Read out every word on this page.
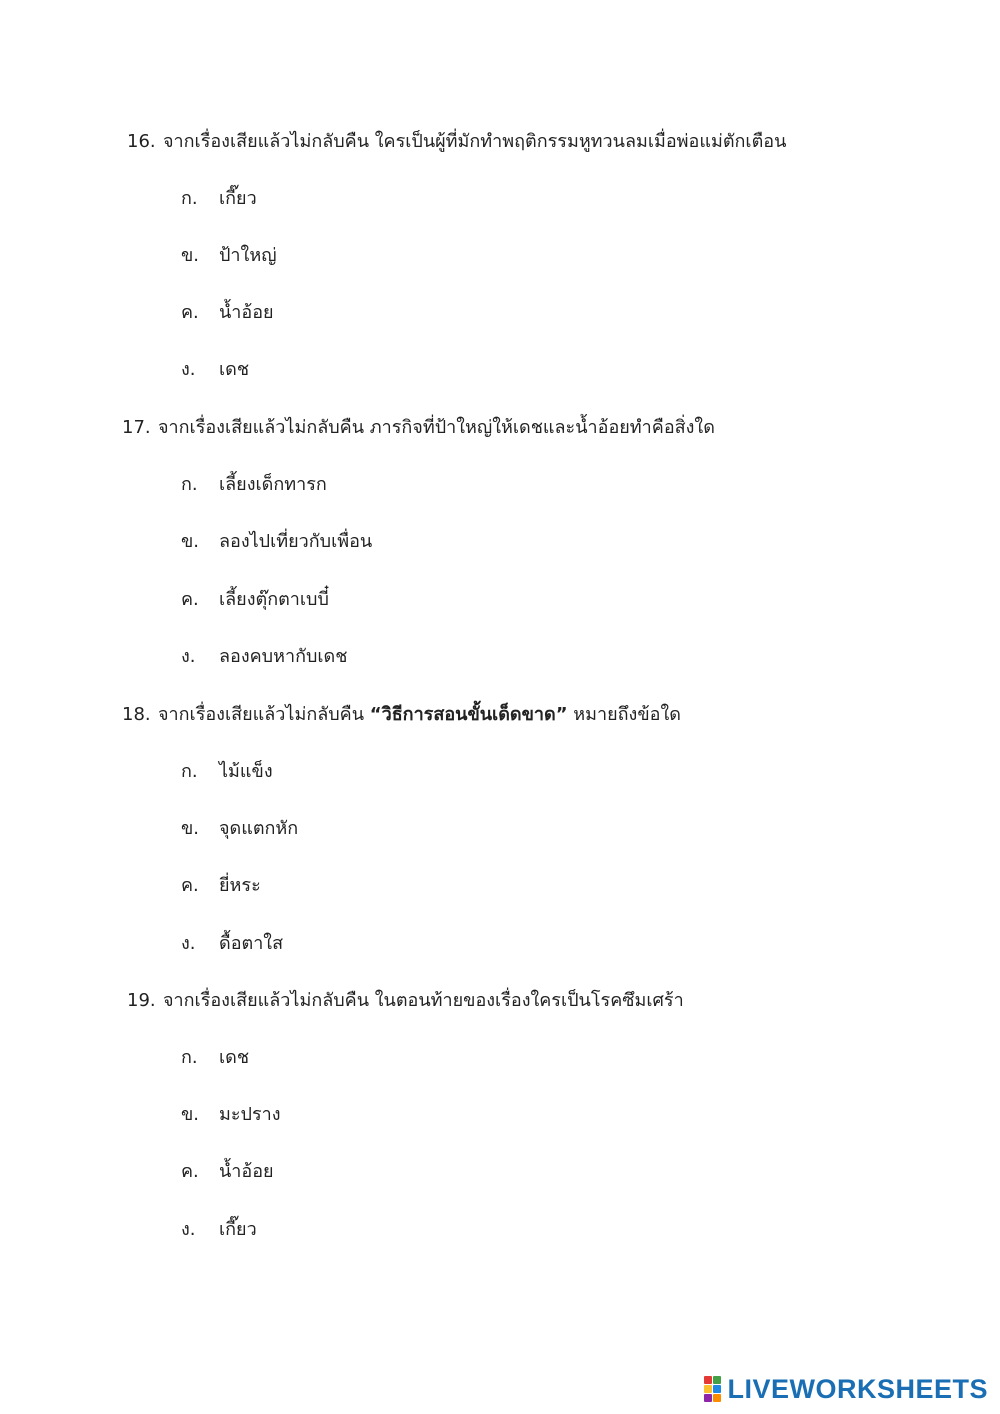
16. จากเรื่องเสียแล้วไม่กลับคืน ใครเป็นผู้ที่มักทำพฤติกรรมหูทวนลมเมื่อพ่อแม่ตักเตือน
ก. เกี๊ยว
ข. ป้าใหญ่
ค. น้ำอ้อย
ง. เดช
17. จากเรื่องเสียแล้วไม่กลับคืน ภารกิจที่ป้าใหญ่ให้เดชและน้ำอ้อยทำคือสิ่งใด
ก. เลี้ยงเด็กทารก
ข. ลองไปเที่ยวกับเพื่อน
ค. เลี้ยงตุ๊กตาเบบี๋
ง. ลองคบหากับเดช
18. จากเรื่องเสียแล้วไม่กลับคืน “วิธีการสอนขั้นเด็ดขาด” หมายถึงข้อใด
ก. ไม้แข็ง
ข. จุดแตกหัก
ค. ยี่หระ
ง. ดื้อตาใส
19. จากเรื่องเสียแล้วไม่กลับคืน ในตอนท้ายของเรื่องใครเป็นโรคซึมเศร้า
ก. เดช
ข. มะปราง
ค. น้ำอ้อย
ง. เกี๊ยว
LIVEWORKSHEETS
